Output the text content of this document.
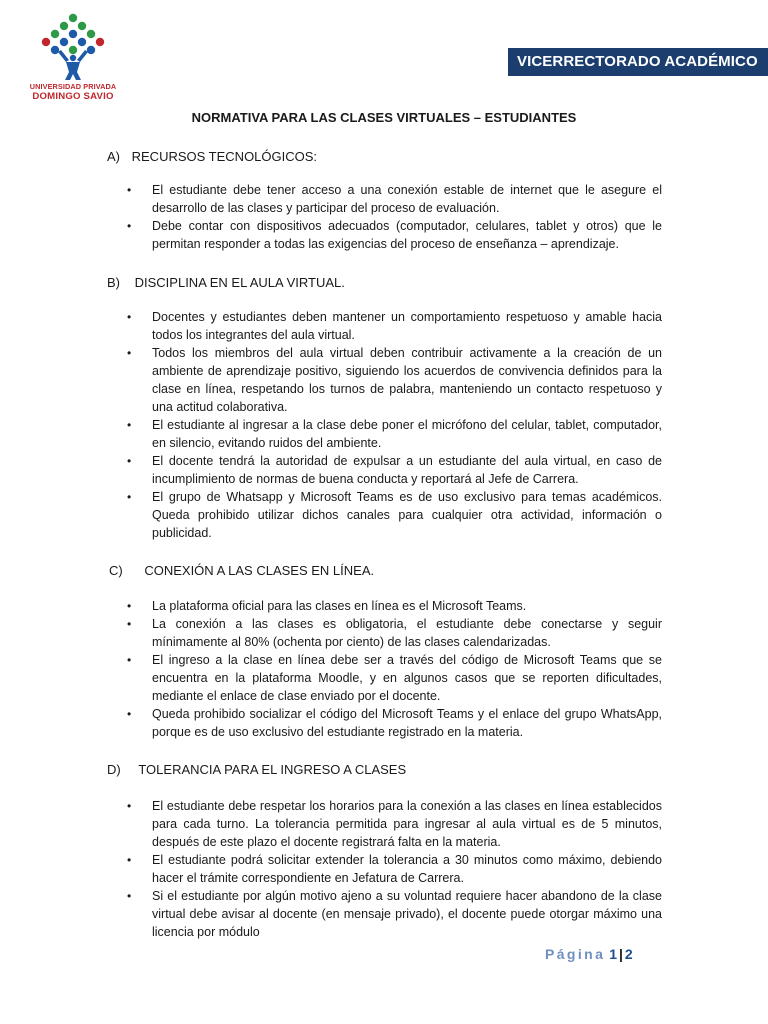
UNIVERSIDAD PRIVADA
DOMINGO SAVIO
VICERRECTORADO ACADÉMICO
NORMATIVA PARA LAS CLASES VIRTUALES – ESTUDIANTES
A) RECURSOS TECNOLÓGICOS:
• El estudiante debe tener acceso a una conexión estable de internet que le asegure el desarrollo de las clases y participar del proceso de evaluación.
• Debe contar con dispositivos adecuados (computador, celulares, tablet y otros) que le permitan responder a todas las exigencias del proceso de enseñanza – aprendizaje.
B) DISCIPLINA EN EL AULA VIRTUAL.
• Docentes y estudiantes deben mantener un comportamiento respetuoso y amable hacia todos los integrantes del aula virtual.
• Todos los miembros del aula virtual deben contribuir activamente a la creación de un ambiente de aprendizaje positivo, siguiendo los acuerdos de convivencia definidos para la clase en línea, respetando los turnos de palabra, manteniendo un contacto respetuoso y una actitud colaborativa.
• El estudiante al ingresar a la clase debe poner el micrófono del celular, tablet, computador, en silencio, evitando ruidos del ambiente.
• El docente tendrá la autoridad de expulsar a un estudiante del aula virtual, en caso de incumplimiento de normas de buena conducta y reportará al Jefe de Carrera.
• El grupo de Whatsapp y Microsoft Teams es de uso exclusivo para temas académicos. Queda prohibido utilizar dichos canales para cualquier otra actividad, información o publicidad.
C) CONEXIÓN A LAS CLASES EN LÍNEA.
• La plataforma oficial para las clases en línea es el Microsoft Teams.
• La conexión a las clases es obligatoria, el estudiante debe conectarse y seguir mínimamente al 80% (ochenta por ciento) de las clases calendarizadas.
• El ingreso a la clase en línea debe ser a través del código de Microsoft Teams que se encuentra en la plataforma Moodle, y en algunos casos que se reporten dificultades, mediante el enlace de clase enviado por el docente.
• Queda prohibido socializar el código del Microsoft Teams y el enlace del grupo WhatsApp, porque es de uso exclusivo del estudiante registrado en la materia.
D) TOLERANCIA PARA EL INGRESO A CLASES
• El estudiante debe respetar los horarios para la conexión a las clases en línea establecidos para cada turno. La tolerancia permitida para ingresar al aula virtual es de 5 minutos, después de este plazo el docente registrará falta en la materia.
• El estudiante podrá solicitar extender la tolerancia a 30 minutos como máximo, debiendo hacer el trámite correspondiente en Jefatura de Carrera.
• Si el estudiante por algún motivo ajeno a su voluntad requiere hacer abandono de la clase virtual debe avisar al docente (en mensaje privado), el docente puede otorgar máximo una licencia por módulo
Página 1 | 2
